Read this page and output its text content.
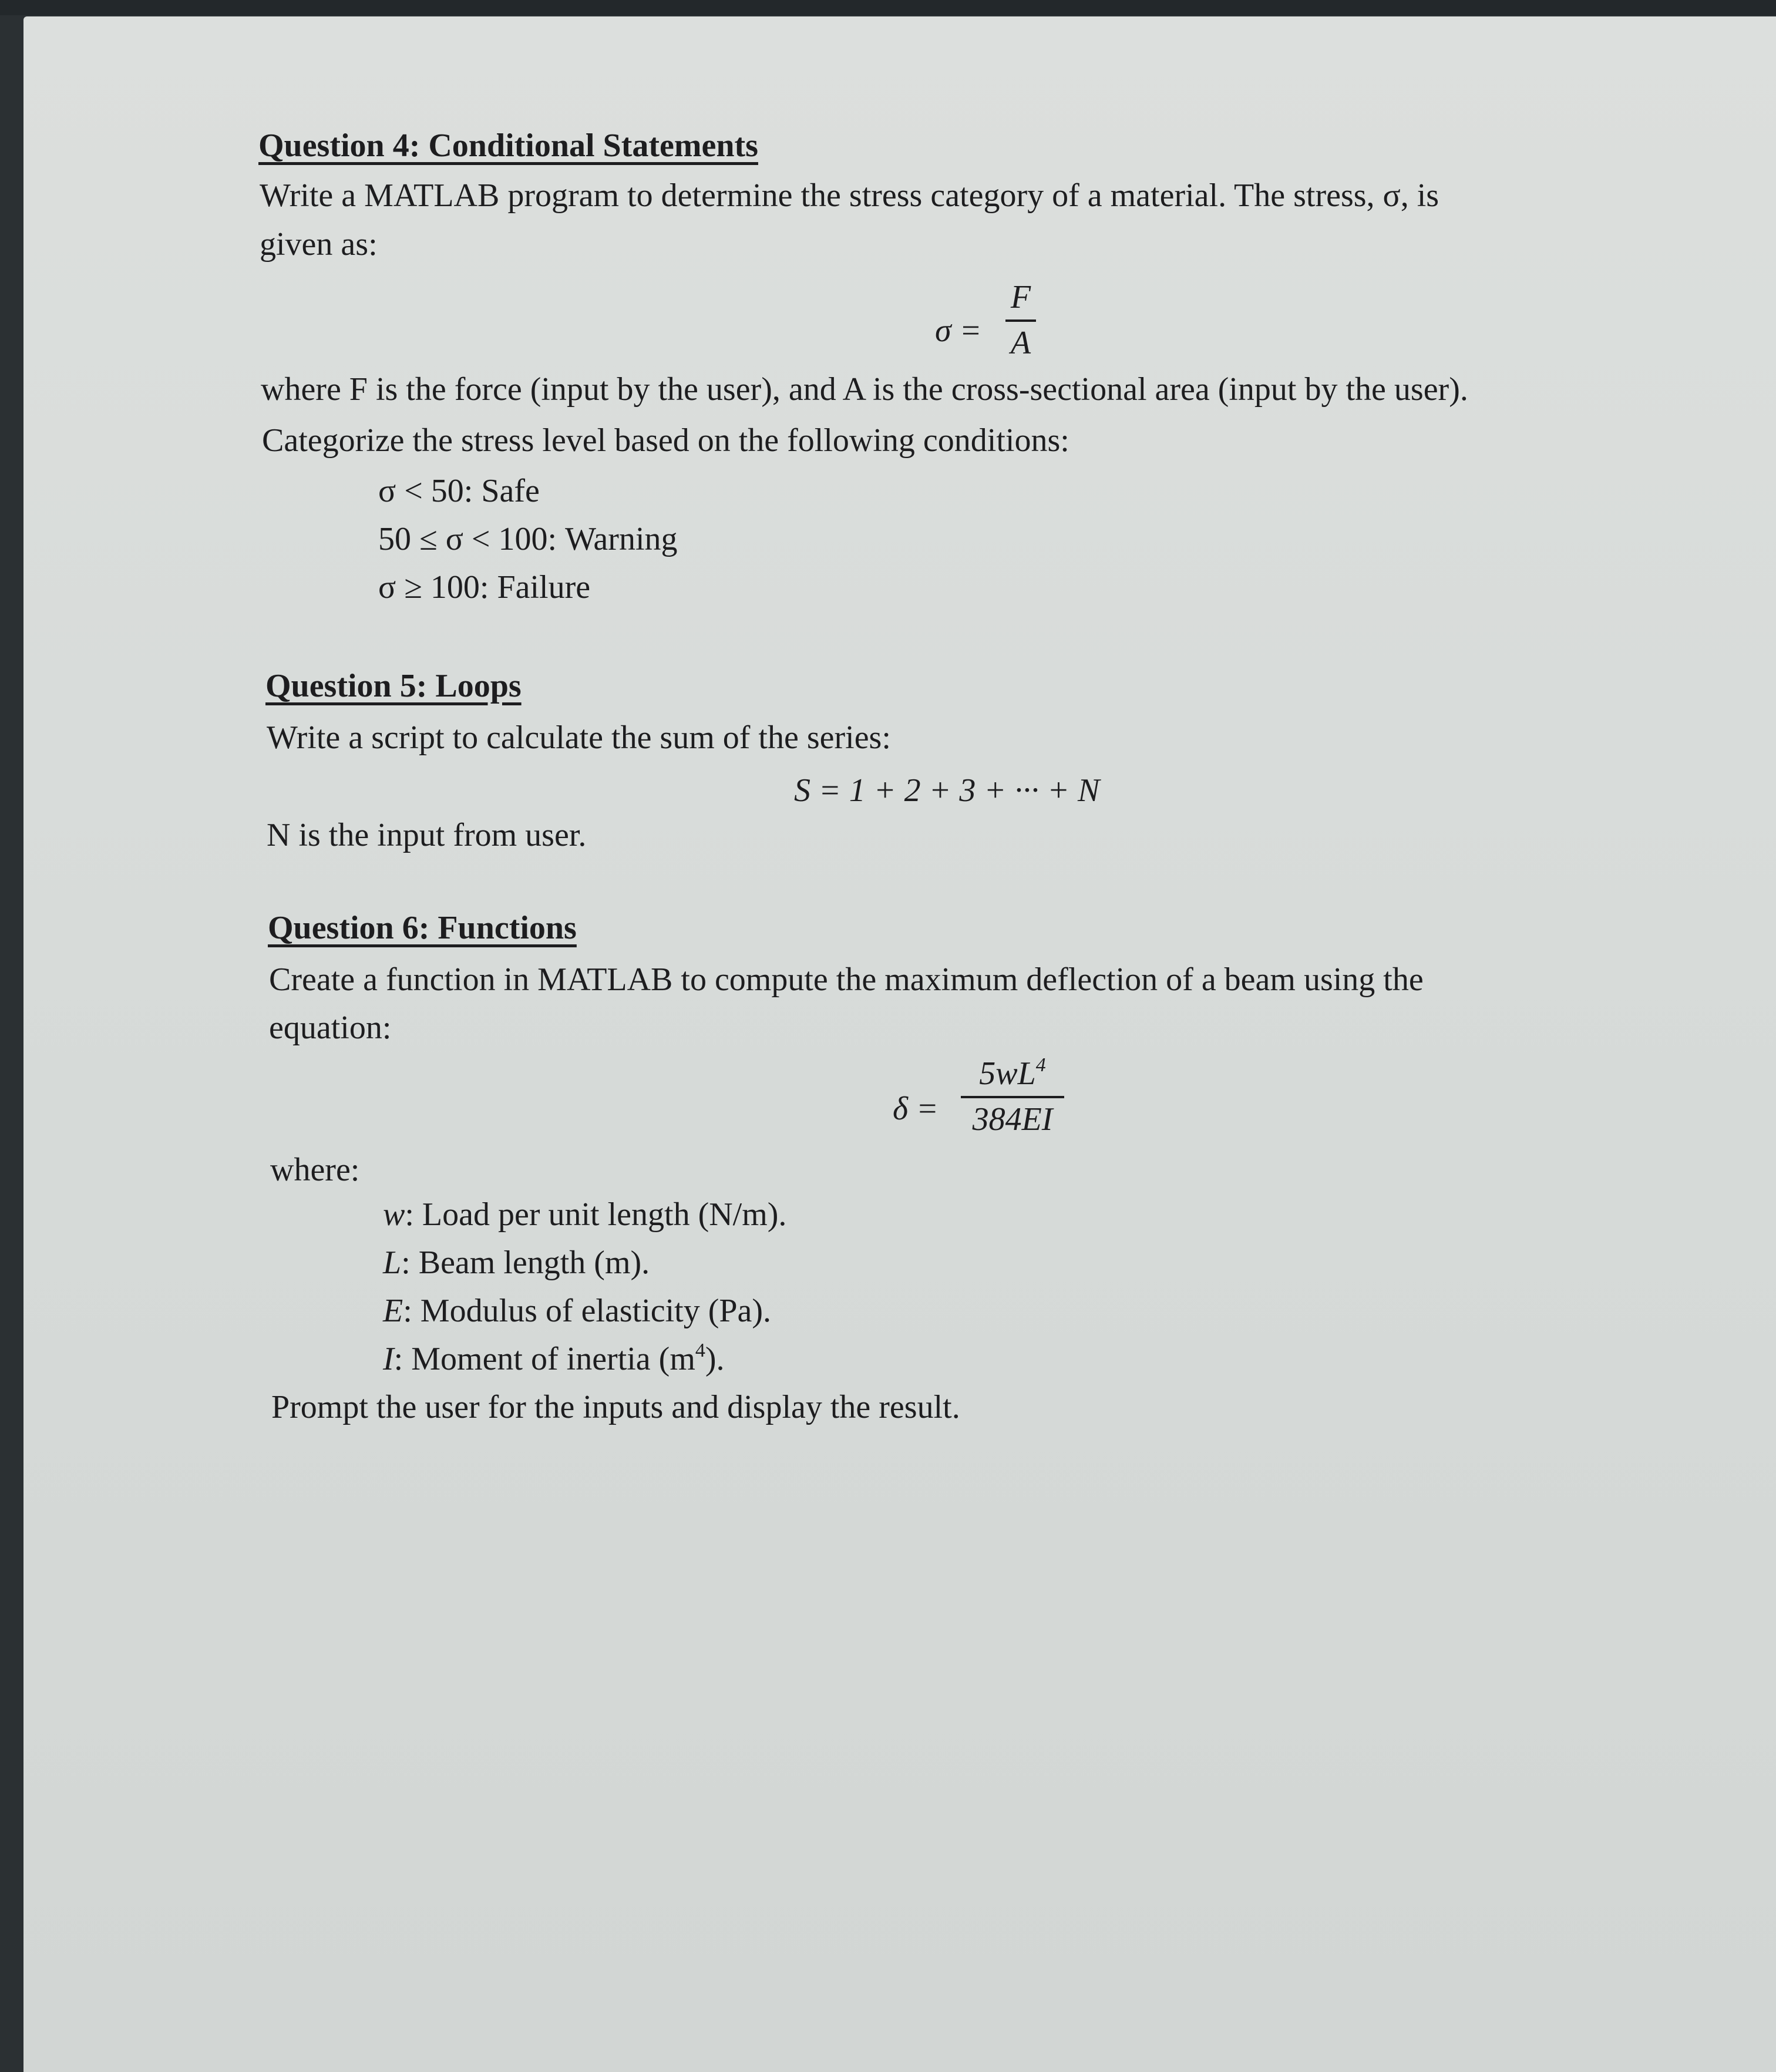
Question 4: Conditional Statements
Write a MATLAB program to determine the stress category of a material. The stress, σ, is
given as:
σ =
F
A
where F is the force (input by the user), and A is the cross-sectional area (input by the user).
Categorize the stress level based on the following conditions:
σ < 50: Safe
50 ≤ σ < 100: Warning
σ ≥ 100: Failure
Question 5: Loops
Write a script to calculate the sum of the series:
S = 1 + 2 + 3 + ··· + N
N is the input from user.
Question 6: Functions
Create a function in MATLAB to compute the maximum deflection of a beam using the
equation:
δ =
$5wL^4$
384EI
where:
w: Load per unit length (N/m).
L: Beam length (m).
E: Modulus of elasticity (Pa).
I: Moment of inertia $(m^4)$.
Prompt the user for the inputs and display the result.
